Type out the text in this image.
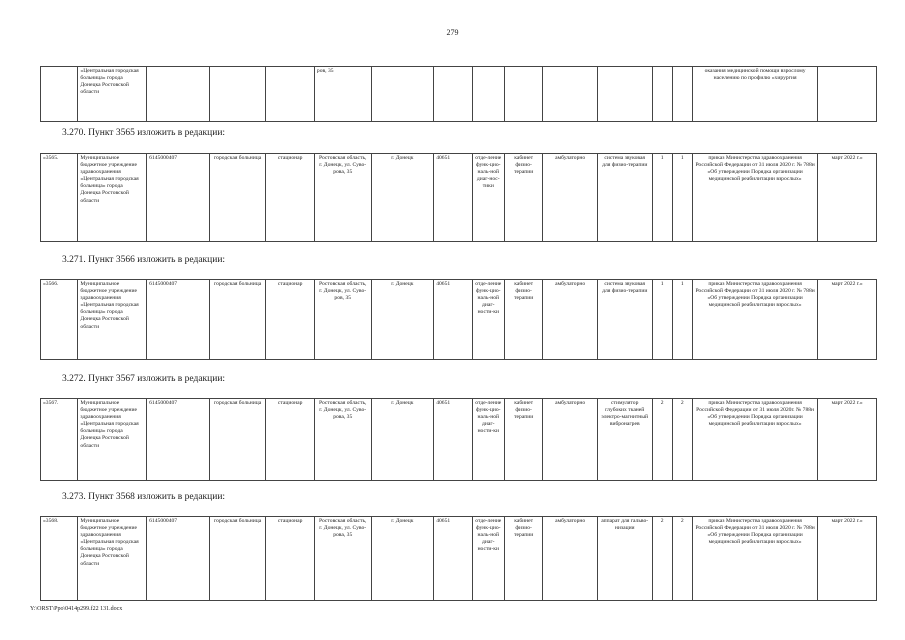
279
	«Центральная городская больница» города Донецка Ростовской области				ров, 35									оказания медицинской помощи взрослому населению по профилю «хирургия	
3.270. Пункт 3565 изложить в редакции:
«3565.	Муниципальное бюджетное учреждение здравоохранения «Центральная городская больница» города Донецка Ростовской области	6145000407	городская больница	стационар	Ростовская область, г. Донецк, ул. Суво-рова, 35	г. Донецк	40651	отде-ление функ-цио-наль-ной диаг-нос-тики	кабинет физио-терапии	амбулаторно	система звуковая для физио-терапии	1	1	приказ Министерства здравоохранения Российской Федерации от 31 июля 2020 г. № 788н «Об утверждении Порядка организации медицинской реабилитации взрослых»	март 2022 г.»
3.271. Пункт 3566 изложить в редакции:
«3566.	Муниципальное бюджетное учреждение здравоохранения «Центральная городская больница» города Донецка Ростовской области	6145000407	городская больница	стационар	Ростовская область, г. Донецк, ул. Суво-ров, 35	г. Донецк	40651	отде-ление функ-цио-наль-ной диаг-ности-ки	кабинет физио-терапии	амбулаторно	система звуковая для физио-терапии	1	1	приказ Министерства здравоохранения Российской Федерации от 31 июля 2020 г. № 788н «Об утверждении Порядка организации медицинской реабилитации взрослых»	март 2022 г.»
3.272. Пункт 3567 изложить в редакции:
«3567.	Муниципальное бюджетное учреждение здравоохранения «Центральная городская больница» города Донецка Ростовской области	6145000407	городская больница	стационар	Ростовская область, г. Донецк, ул. Суво-рова, 35	г. Донецк	40651	отде-ление функ-цио-наль-ной диаг-ности-ки	кабинет физио-терапии	амбулаторно	стимулятор глубоких тканей электро-магнитный вибронагрев	2	2	приказ Министерства здравоохранения Российской Федерации от 31 июля 2020г. № 788н «Об утверждении Порядка организации медицинской реабилитации взрослых»	март 2022 г.»
3.273. Пункт 3568 изложить в редакции:
«3568.	Муниципальное бюджетное учреждение здравоохранения «Центральная городская больница» города Донецка Ростовской области	6145000407	городская больница	стационар	Ростовская область, г. Донецк, ул. Суво-рова, 35	г. Донецк	40651	отде-ление функ-цио-наль-ной диаг-ности-ки	кабинет физио-терапии	амбулаторно	аппарат для гальво-низации	2	2	приказ Министерства здравоохранения Российской Федерации от 31 июля 2020 г. № 788н «Об утверждении Порядка организации медицинской реабилитации взрослых»	март 2022 г.»
Y:\ORST\Ppo\0414p299.f22 131.docx
